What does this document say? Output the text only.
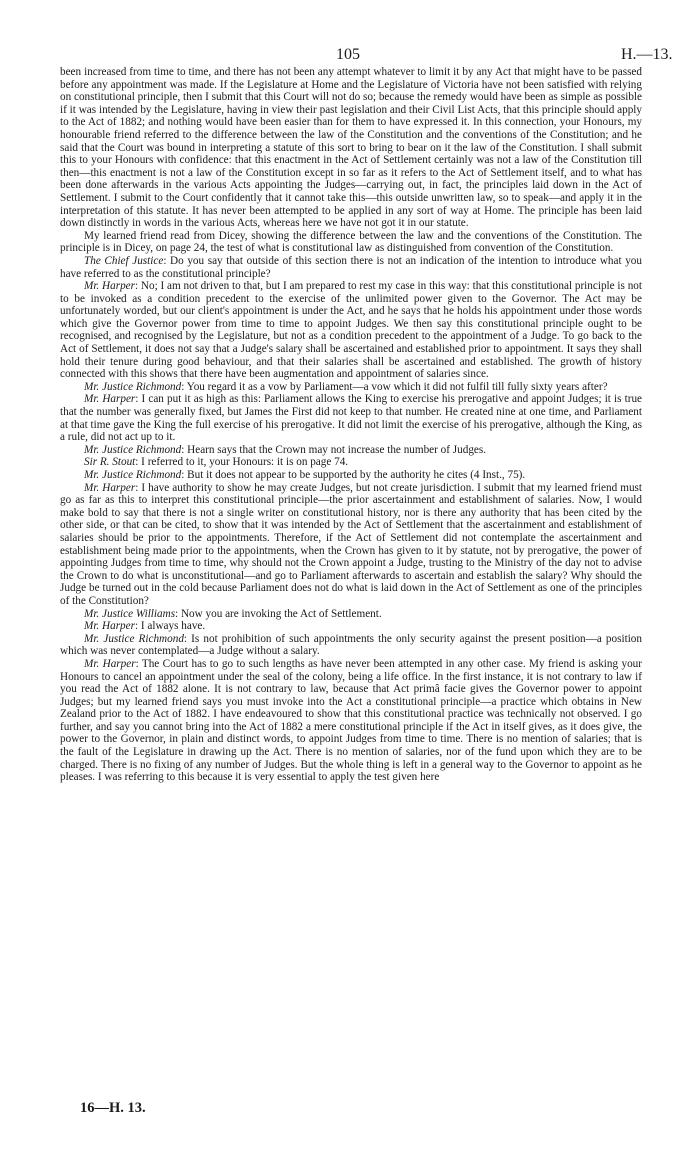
105	H.—13.

been increased from time to time, and there has not been any attempt whatever to limit it by any Act that might have to be passed before any appointment was made. If the Legislature at Home and the Legislature of Victoria have not been satisfied with relying on constitutional principle, then I submit that this Court will not do so; because the remedy would have been as simple as possible if it was intended by the Legislature, having in view their past legislation and their Civil List Acts, that this principle should apply to the Act of 1882; and nothing would have been easier than for them to have expressed it. In this connection, your Honours, my honourable friend referred to the difference between the law of the Constitution and the conventions of the Constitution; and he said that the Court was bound in interpreting a statute of this sort to bring to bear on it the law of the Constitution. I shall submit this to your Honours with confidence: that this enactment in the Act of Settlement certainly was not a law of the Constitution till then—this enactment is not a law of the Constitution except in so far as it refers to the Act of Settlement itself, and to what has been done afterwards in the various Acts appointing the Judges—carrying out, in fact, the principles laid down in the Act of Settlement. I submit to the Court confidently that it cannot take this—this outside unwritten law, so to speak—and apply it in the interpretation of this statute. It has never been attempted to be applied in any sort of way at Home. The principle has been laid down distinctly in words in the various Acts, whereas here we have not got it in our statute.

My learned friend read from Dicey, showing the difference between the law and the conventions of the Constitution. The principle is in Dicey, on page 24, the test of what is constitutional law as distinguished from convention of the Constitution.

The Chief Justice: Do you say that outside of this section there is not an indication of the intention to introduce what you have referred to as the constitutional principle?

Mr. Harper: No; I am not driven to that, but I am prepared to rest my case in this way: that this constitutional principle is not to be invoked as a condition precedent to the exercise of the unlimited power given to the Governor. The Act may be unfortunately worded, but our client's appointment is under the Act, and he says that he holds his appointment under those words which give the Governor power from time to time to appoint Judges. We then say this constitutional principle ought to be recognised, and recognised by the Legislature, but not as a condition precedent to the appointment of a Judge. To go back to the Act of Settlement, it does not say that a Judge's salary shall be ascertained and established prior to appointment. It says they shall hold their tenure during good behaviour, and that their salaries shall be ascertained and established. The growth of history connected with this shows that there have been augmentation and appointment of salaries since.

Mr. Justice Richmond: You regard it as a vow by Parliament—a vow which it did not fulfil till fully sixty years after?

Mr. Harper: I can put it as high as this: Parliament allows the King to exercise his prerogative and appoint Judges; it is true that the number was generally fixed, but James the First did not keep to that number. He created nine at one time, and Parliament at that time gave the King the full exercise of his prerogative. It did not limit the exercise of his prerogative, although the King, as a rule, did not act up to it.

Mr. Justice Richmond: Hearn says that the Crown may not increase the number of Judges.

Sir R. Stout: I referred to it, your Honours: it is on page 74.

Mr. Justice Richmond: But it does not appear to be supported by the authority he cites (4 Inst., 75).

Mr. Harper: I have authority to show he may create Judges, but not create jurisdiction. I submit that my learned friend must go as far as this to interpret this constitutional principle—the prior ascertainment and establishment of salaries. Now, I would make bold to say that there is not a single writer on constitutional history, nor is there any authority that has been cited by the other side, or that can be cited, to show that it was intended by the Act of Settlement that the ascertainment and establishment of salaries should be prior to the appointments. Therefore, if the Act of Settlement did not contemplate the ascertainment and establishment being made prior to the appointments, when the Crown has given to it by statute, not by prerogative, the power of appointing Judges from time to time, why should not the Crown appoint a Judge, trusting to the Ministry of the day not to advise the Crown to do what is unconstitutional—and go to Parliament afterwards to ascertain and establish the salary? Why should the Judge be turned out in the cold because Parliament does not do what is laid down in the Act of Settlement as one of the principles of the Constitution?

Mr. Justice Williams: Now you are invoking the Act of Settlement.

Mr. Harper: I always have.

Mr. Justice Richmond: Is not prohibition of such appointments the only security against the present position—a position which was never contemplated—a Judge without a salary.

Mr. Harper: The Court has to go to such lengths as have never been attempted in any other case. My friend is asking your Honours to cancel an appointment under the seal of the colony, being a life office. In the first instance, it is not contrary to law if you read the Act of 1882 alone. It is not contrary to law, because that Act primâ facie gives the Governor power to appoint Judges; but my learned friend says you must invoke into the Act a constitutional principle—a practice which obtains in New Zealand prior to the Act of 1882. I have endeavoured to show that this constitutional practice was technically not observed. I go further, and say you cannot bring into the Act of 1882 a mere constitutional principle if the Act in itself gives, as it does give, the power to the Governor, in plain and distinct words, to appoint Judges from time to time. There is no mention of salaries; that is the fault of the Legislature in drawing up the Act. There is no mention of salaries, nor of the fund upon which they are to be charged. There is no fixing of any number of Judges. But the whole thing is left in a general way to the Governor to appoint as he pleases. I was referring to this because it is very essential to apply the test given here

16—H. 13.
